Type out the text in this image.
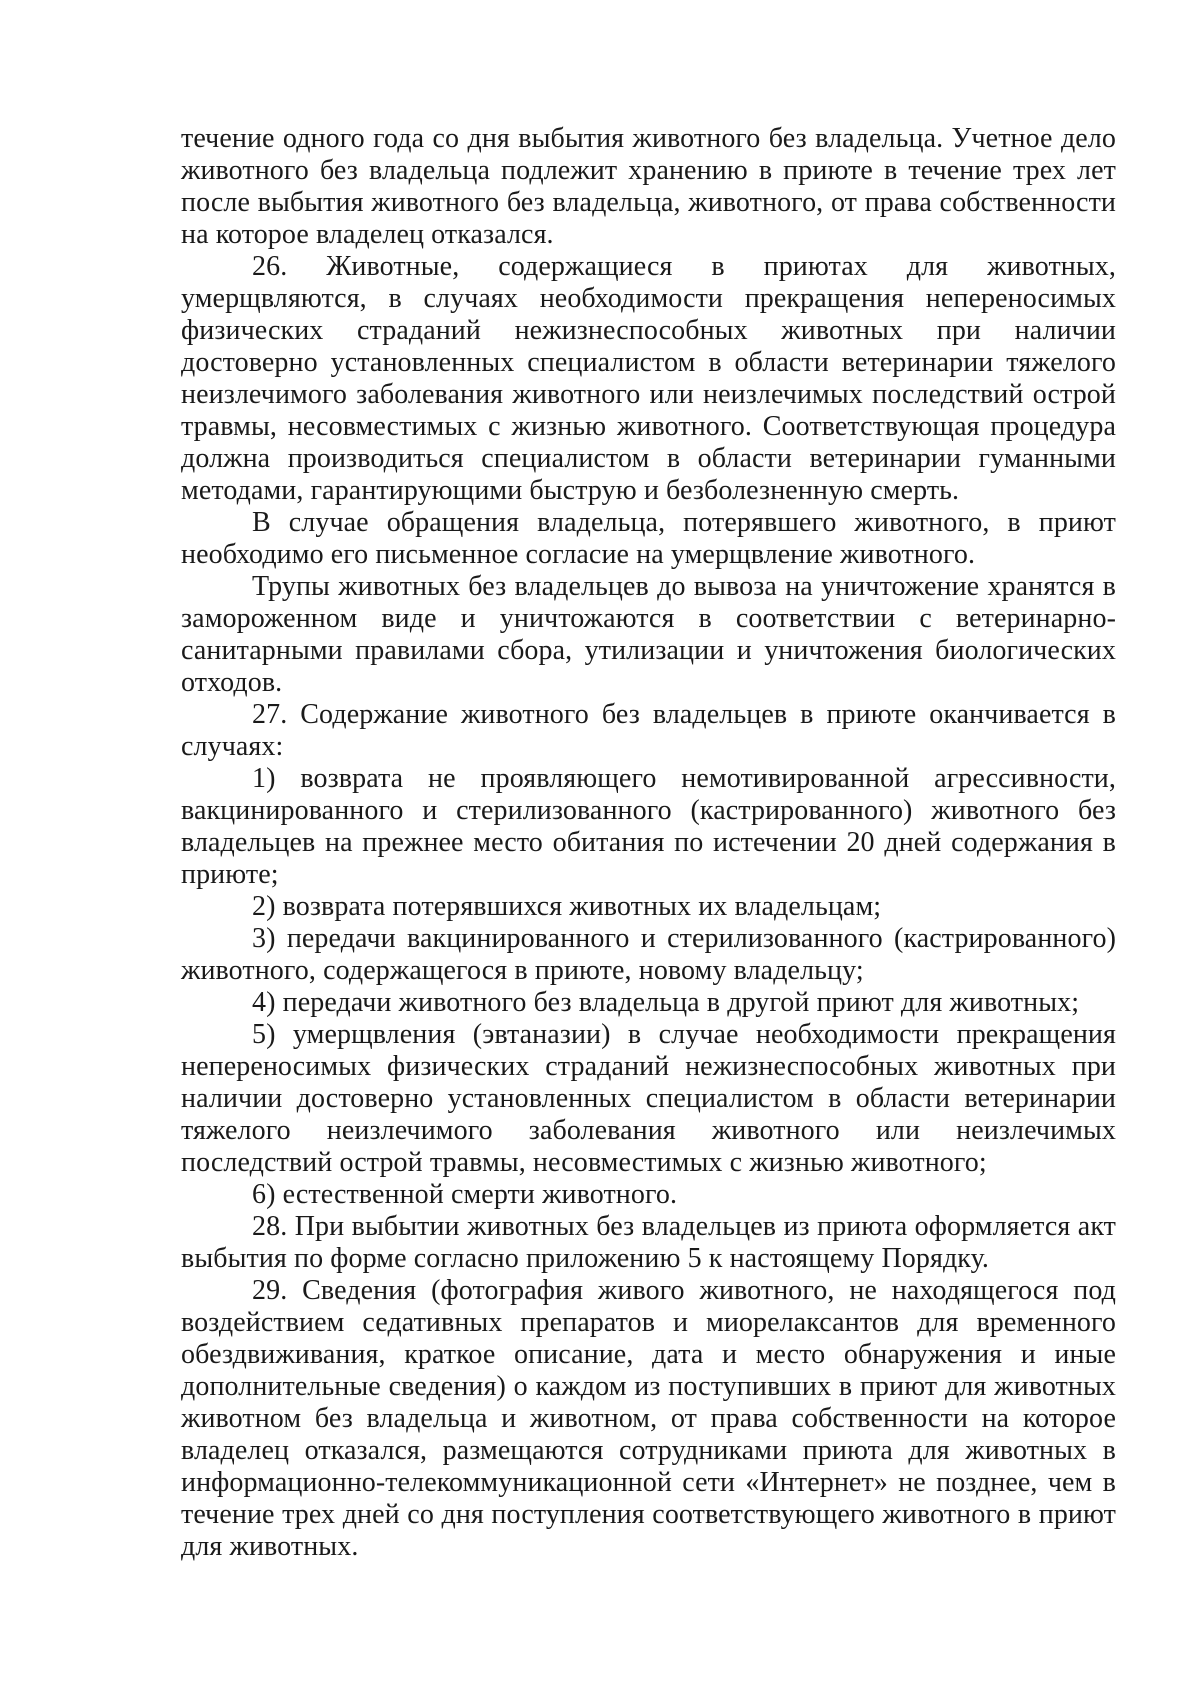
течение одного года со дня выбытия животного без владельца. Учетное дело животного без владельца подлежит хранению в приюте в течение трех лет после выбытия животного без владельца, животного, от права собственности на которое владелец отказался.

26. Животные, содержащиеся в приютах для животных, умерщвляются, в случаях необходимости прекращения непереносимых физических страданий нежизнеспособных животных при наличии достоверно установленных специалистом в области ветеринарии тяжелого неизлечимого заболевания животного или неизлечимых последствий острой травмы, несовместимых с жизнью животного. Соответствующая процедура должна производиться специалистом в области ветеринарии гуманными методами, гарантирующими быструю и безболезненную смерть.

В случае обращения владельца, потерявшего животного, в приют необходимо его письменное согласие на умерщвление животного.

Трупы животных без владельцев до вывоза на уничтожение хранятся в замороженном виде и уничтожаются в соответствии с ветеринарно-санитарными правилами сбора, утилизации и уничтожения биологических отходов.

27. Содержание животного без владельцев в приюте оканчивается в случаях:

1) возврата не проявляющего немотивированной агрессивности, вакцинированного и стерилизованного (кастрированного) животного без владельцев на прежнее место обитания по истечении 20 дней содержания в приюте;

2) возврата потерявшихся животных их владельцам;

3) передачи вакцинированного и стерилизованного (кастрированного) животного, содержащегося в приюте, новому владельцу;

4) передачи животного без владельца в другой приют для животных;

5) умерщвления (эвтаназии) в случае необходимости прекращения непереносимых физических страданий нежизнеспособных животных при наличии достоверно установленных специалистом в области ветеринарии тяжелого неизлечимого заболевания животного или неизлечимых последствий острой травмы, несовместимых с жизнью животного;

6) естественной смерти животного.

28. При выбытии животных без владельцев из приюта оформляется акт выбытия по форме согласно приложению 5 к настоящему Порядку.

29. Сведения (фотография живого животного, не находящегося под воздействием седативных препаратов и миорелаксантов для временного обездвиживания, краткое описание, дата и место обнаружения и иные дополнительные сведения) о каждом из поступивших в приют для животных животном без владельца и животном, от права собственности на которое владелец отказался, размещаются сотрудниками приюта для животных в информационно-телекоммуникационной сети «Интернет» не позднее, чем в течение трех дней со дня поступления соответствующего животного в приют для животных.
